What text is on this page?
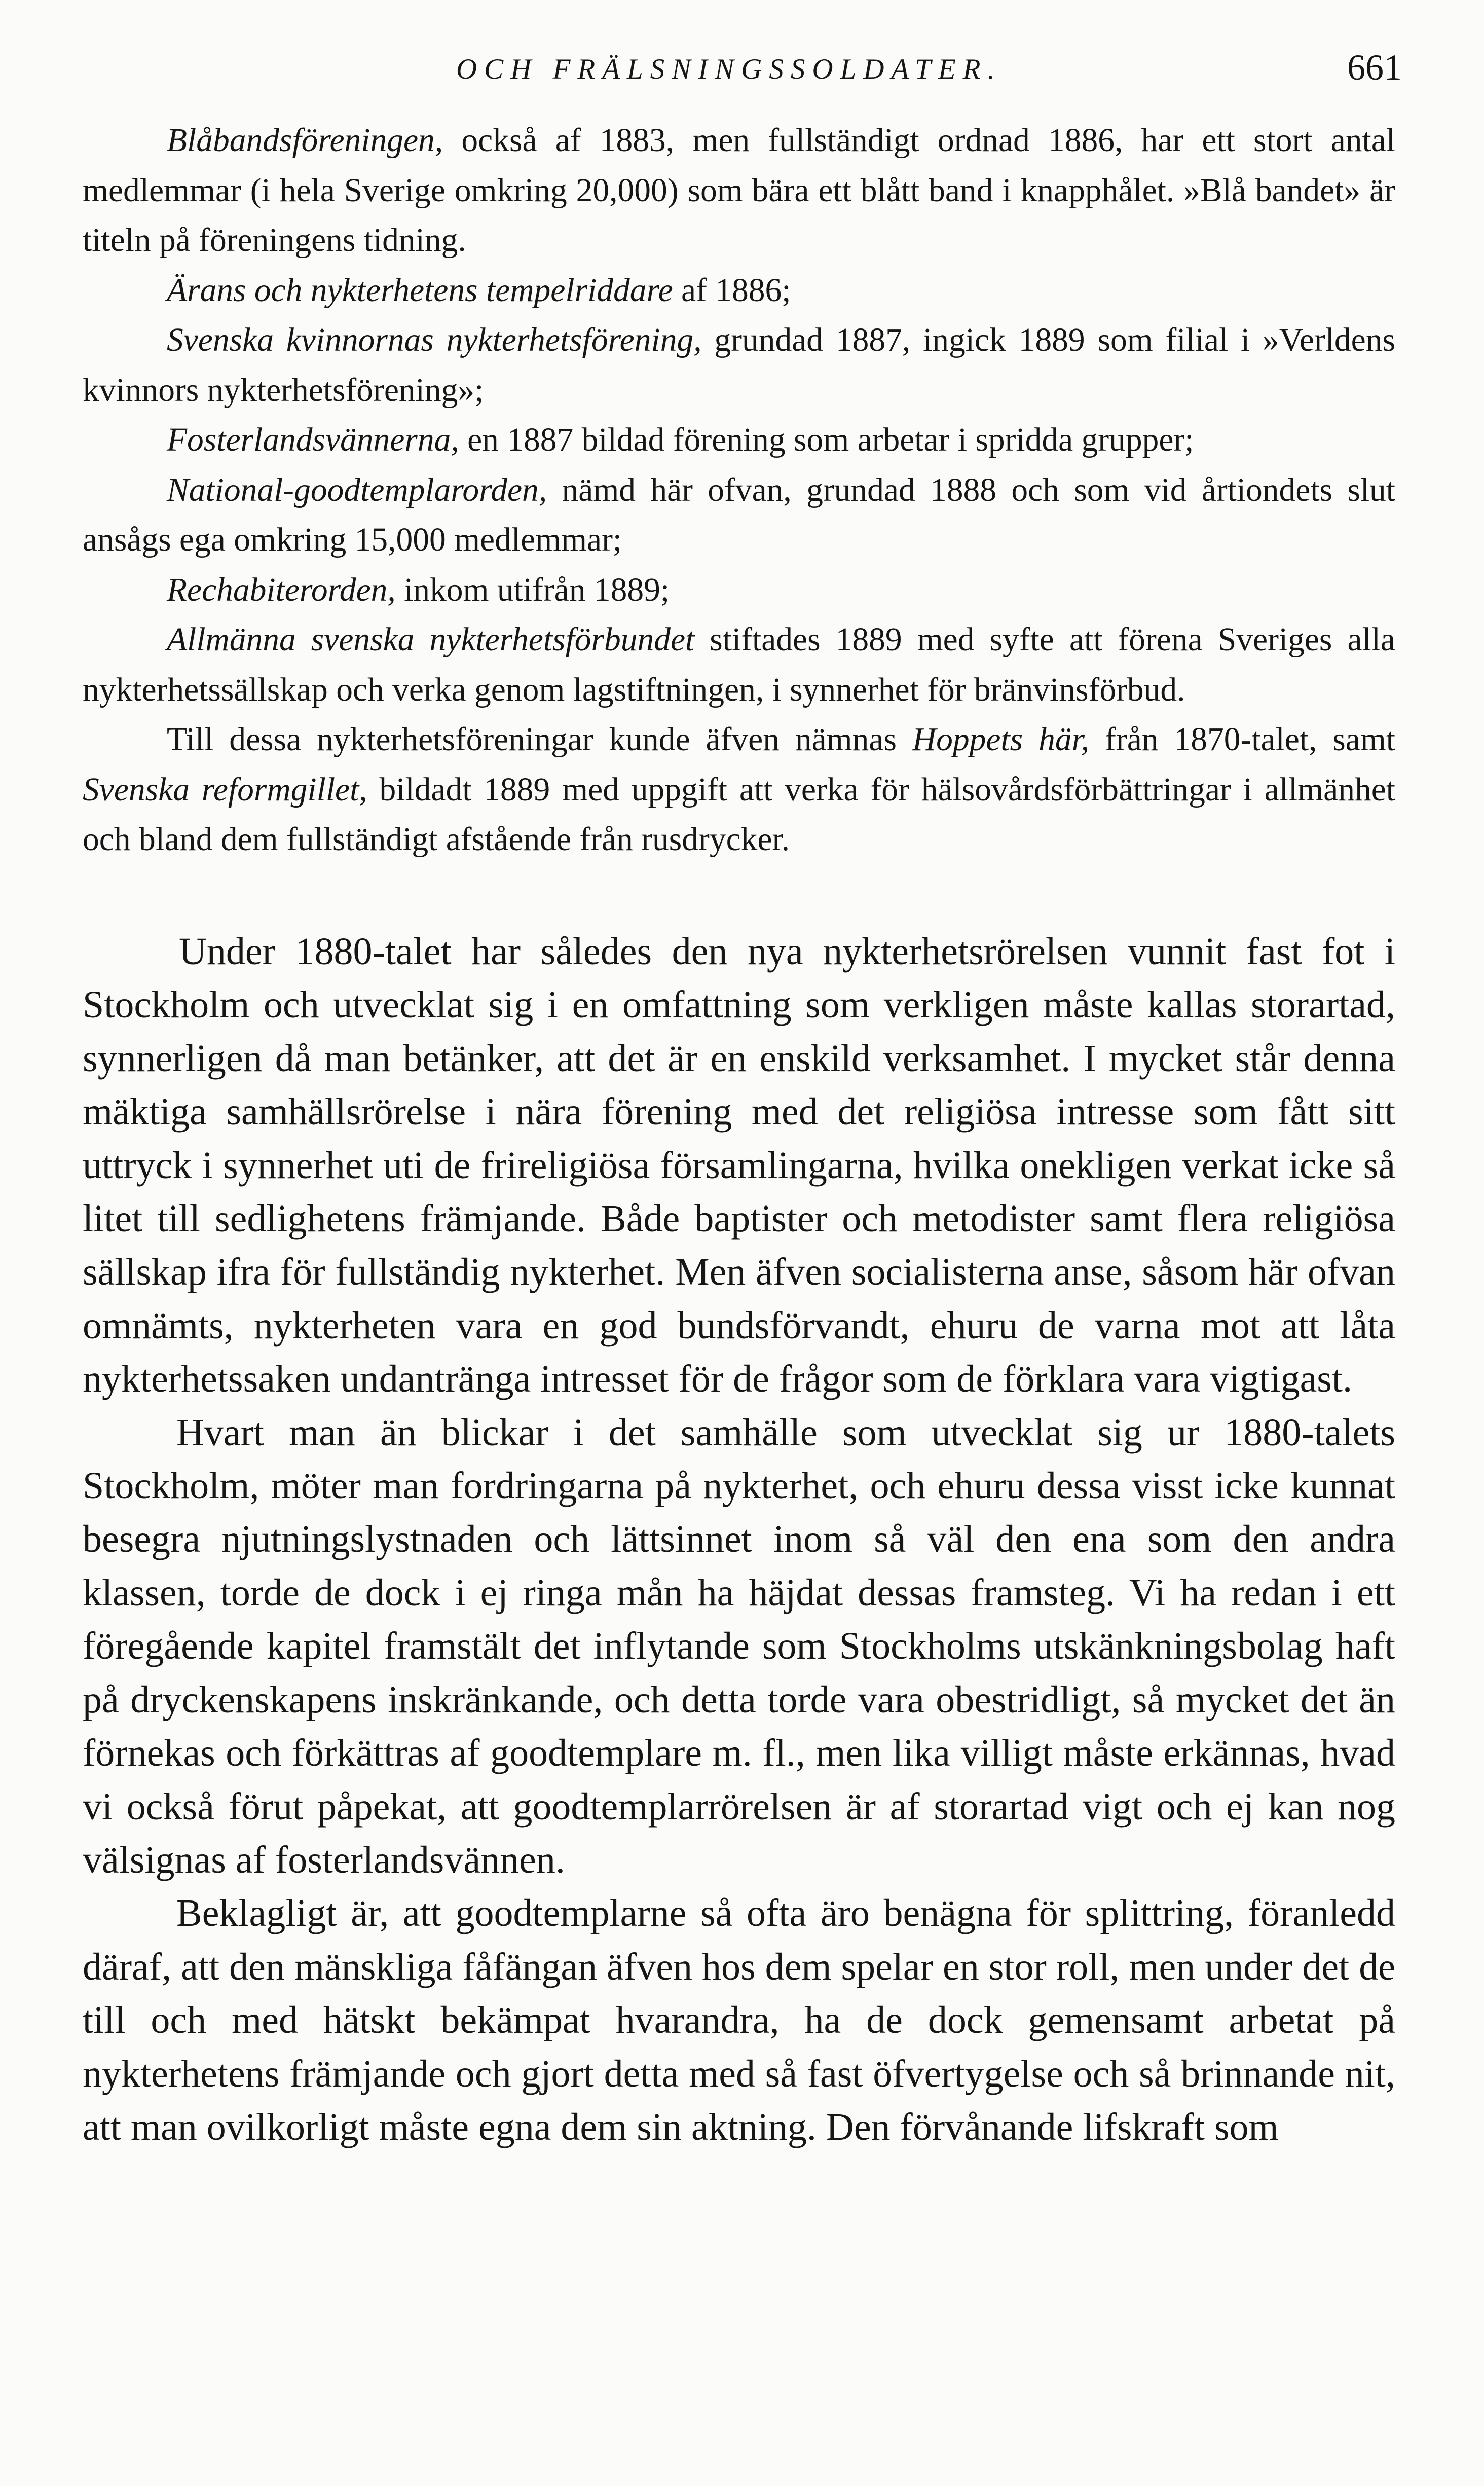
OCH FRÄLSNINGSSOLDATER.	661

Blåbandsföreningen, också af 1883, men fullständigt ordnad 1886, har ett stort antal medlemmar (i hela Sverige omkring 20,000) som bära ett blått band i knapphålet. »Blå bandet» är titeln på föreningens tidning.

Ärans och nykterhetens tempelriddare af 1886;

Svenska kvinnornas nykterhetsförening, grundad 1887, ingick 1889 som filial i »Verldens kvinnors nykterhetsförening»;

Fosterlandsvännerna, en 1887 bildad förening som arbetar i spridda grupper;

National-goodtemplarorden, nämd här ofvan, grundad 1888 och som vid årtiondets slut ansågs ega omkring 15,000 medlemmar;

Rechabiterorden, inkom utifrån 1889;

Allmänna svenska nykterhetsförbundet stiftades 1889 med syfte att förena Sveriges alla nykterhetssällskap och verka genom lagstiftningen, i synnerhet för bränvinsförbud.

Till dessa nykterhetsföreningar kunde äfven nämnas Hoppets här, från 1870-talet, samt Svenska reformgillet, bildadt 1889 med uppgift att verka för hälsovårdsförbättringar i allmänhet och bland dem fullständigt afstående från rusdrycker.

Under 1880-talet har således den nya nykterhetsrörelsen vunnit fast fot i Stockholm och utvecklat sig i en omfattning som verkligen måste kallas storartad, synnerligen då man betänker, att det är en enskild verksamhet. I mycket står denna mäktiga samhällsrörelse i nära förening med det religiösa intresse som fått sitt uttryck i synnerhet uti de frireligiösa församlingarna, hvilka onekligen verkat icke så litet till sedlighetens främjande. Både baptister och metodister samt flera religiösa sällskap ifra för fullständig nykterhet. Men äfven socialisterna anse, såsom här ofvan omnämts, nykterheten vara en god bundsförvandt, ehuru de varna mot att låta nykterhetssaken undantränga intresset för de frågor som de förklara vara vigtigast.

Hvart man än blickar i det samhälle som utvecklat sig ur 1880-talets Stockholm, möter man fordringarna på nykterhet, och ehuru dessa visst icke kunnat besegra njutningslystnaden och lättsinnet inom så väl den ena som den andra klassen, torde de dock i ej ringa mån ha häjdat dessas framsteg. Vi ha redan i ett föregående kapitel framstält det inflytande som Stockholms utskänkningsbolag haft på dryckenskapens inskränkande, och detta torde vara obestridligt, så mycket det än förnekas och förkättras af goodtemplare m. fl., men lika villigt måste erkännas, hvad vi också förut påpekat, att goodtemplarrörelsen är af storartad vigt och ej kan nog välsignas af fosterlandsvännen.

Beklagligt är, att goodtemplarne så ofta äro benägna för splittring, föranledd däraf, att den mänskliga fåfängan äfven hos dem spelar en stor roll, men under det de till och med hätskt bekämpat hvarandra, ha de dock gemensamt arbetat på nykterhetens främjande och gjort detta med så fast öfvertygelse och så brinnande nit, att man ovilkorligt måste egna dem sin aktning. Den förvånande lifskraft som
